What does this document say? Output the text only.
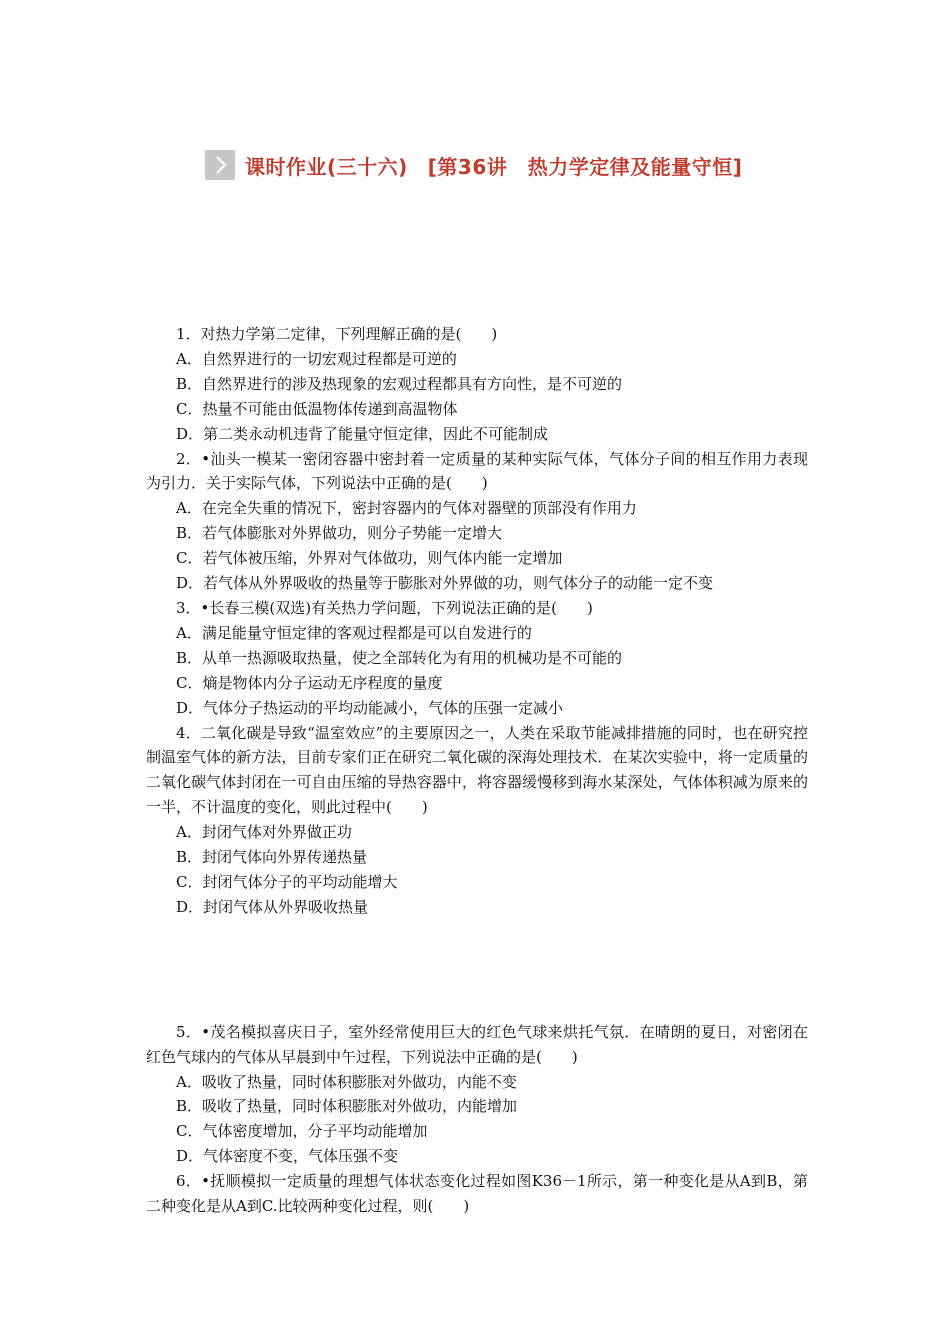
课时作业(三十六) [第36讲　热力学定律及能量守恒]

1．对热力学第二定律，下列理解正确的是(　　)

A．自然界进行的一切宏观过程都是可逆的

B．自然界进行的涉及热现象的宏观过程都具有方向性，是不可逆的

C．热量不可能由低温物体传递到高温物体

D．第二类永动机违背了能量守恒定律，因此不可能制成

2．•汕头一模某一密闭容器中密封着一定质量的某种实际气体，气体分子间的相互作用力表现为引力．关于实际气体，下列说法中正确的是(　　)

A．在完全失重的情况下，密封容器内的气体对器壁的顶部没有作用力

B．若气体膨胀对外界做功，则分子势能一定增大

C．若气体被压缩，外界对气体做功，则气体内能一定增加

D．若气体从外界吸收的热量等于膨胀对外界做的功，则气体分子的动能一定不变

3．•长春三模(双选)有关热力学问题，下列说法正确的是(　　)

A．满足能量守恒定律的客观过程都是可以自发进行的

B．从单一热源吸取热量，使之全部转化为有用的机械功是不可能的

C．熵是物体内分子运动无序程度的量度

D．气体分子热运动的平均动能减小，气体的压强一定减小

4．二氧化碳是导致“温室效应”的主要原因之一，人类在采取节能减排措施的同时，也在研究控制温室气体的新方法，目前专家们正在研究二氧化碳的深海处理技术．在某次实验中，将一定质量的二氧化碳气体封闭在一可自由压缩的导热容器中，将容器缓慢移到海水某深处，气体体积减为原来的一半，不计温度的变化，则此过程中(　　)

A．封闭气体对外界做正功

B．封闭气体向外界传递热量

C．封闭气体分子的平均动能增大

D．封闭气体从外界吸收热量

5．•茂名模拟喜庆日子，室外经常使用巨大的红色气球来烘托气氛．在晴朗的夏日，对密闭在红色气球内的气体从早晨到中午过程，下列说法中正确的是(　　)

A．吸收了热量，同时体积膨胀对外做功，内能不变

B．吸收了热量，同时体积膨胀对外做功，内能增加

C．气体密度增加，分子平均动能增加

D．气体密度不变，气体压强不变

6．•抚顺模拟一定质量的理想气体状态变化过程如图K36－1所示，第一种变化是从A到B，第二种变化是从A到C.比较两种变化过程，则(　　)
